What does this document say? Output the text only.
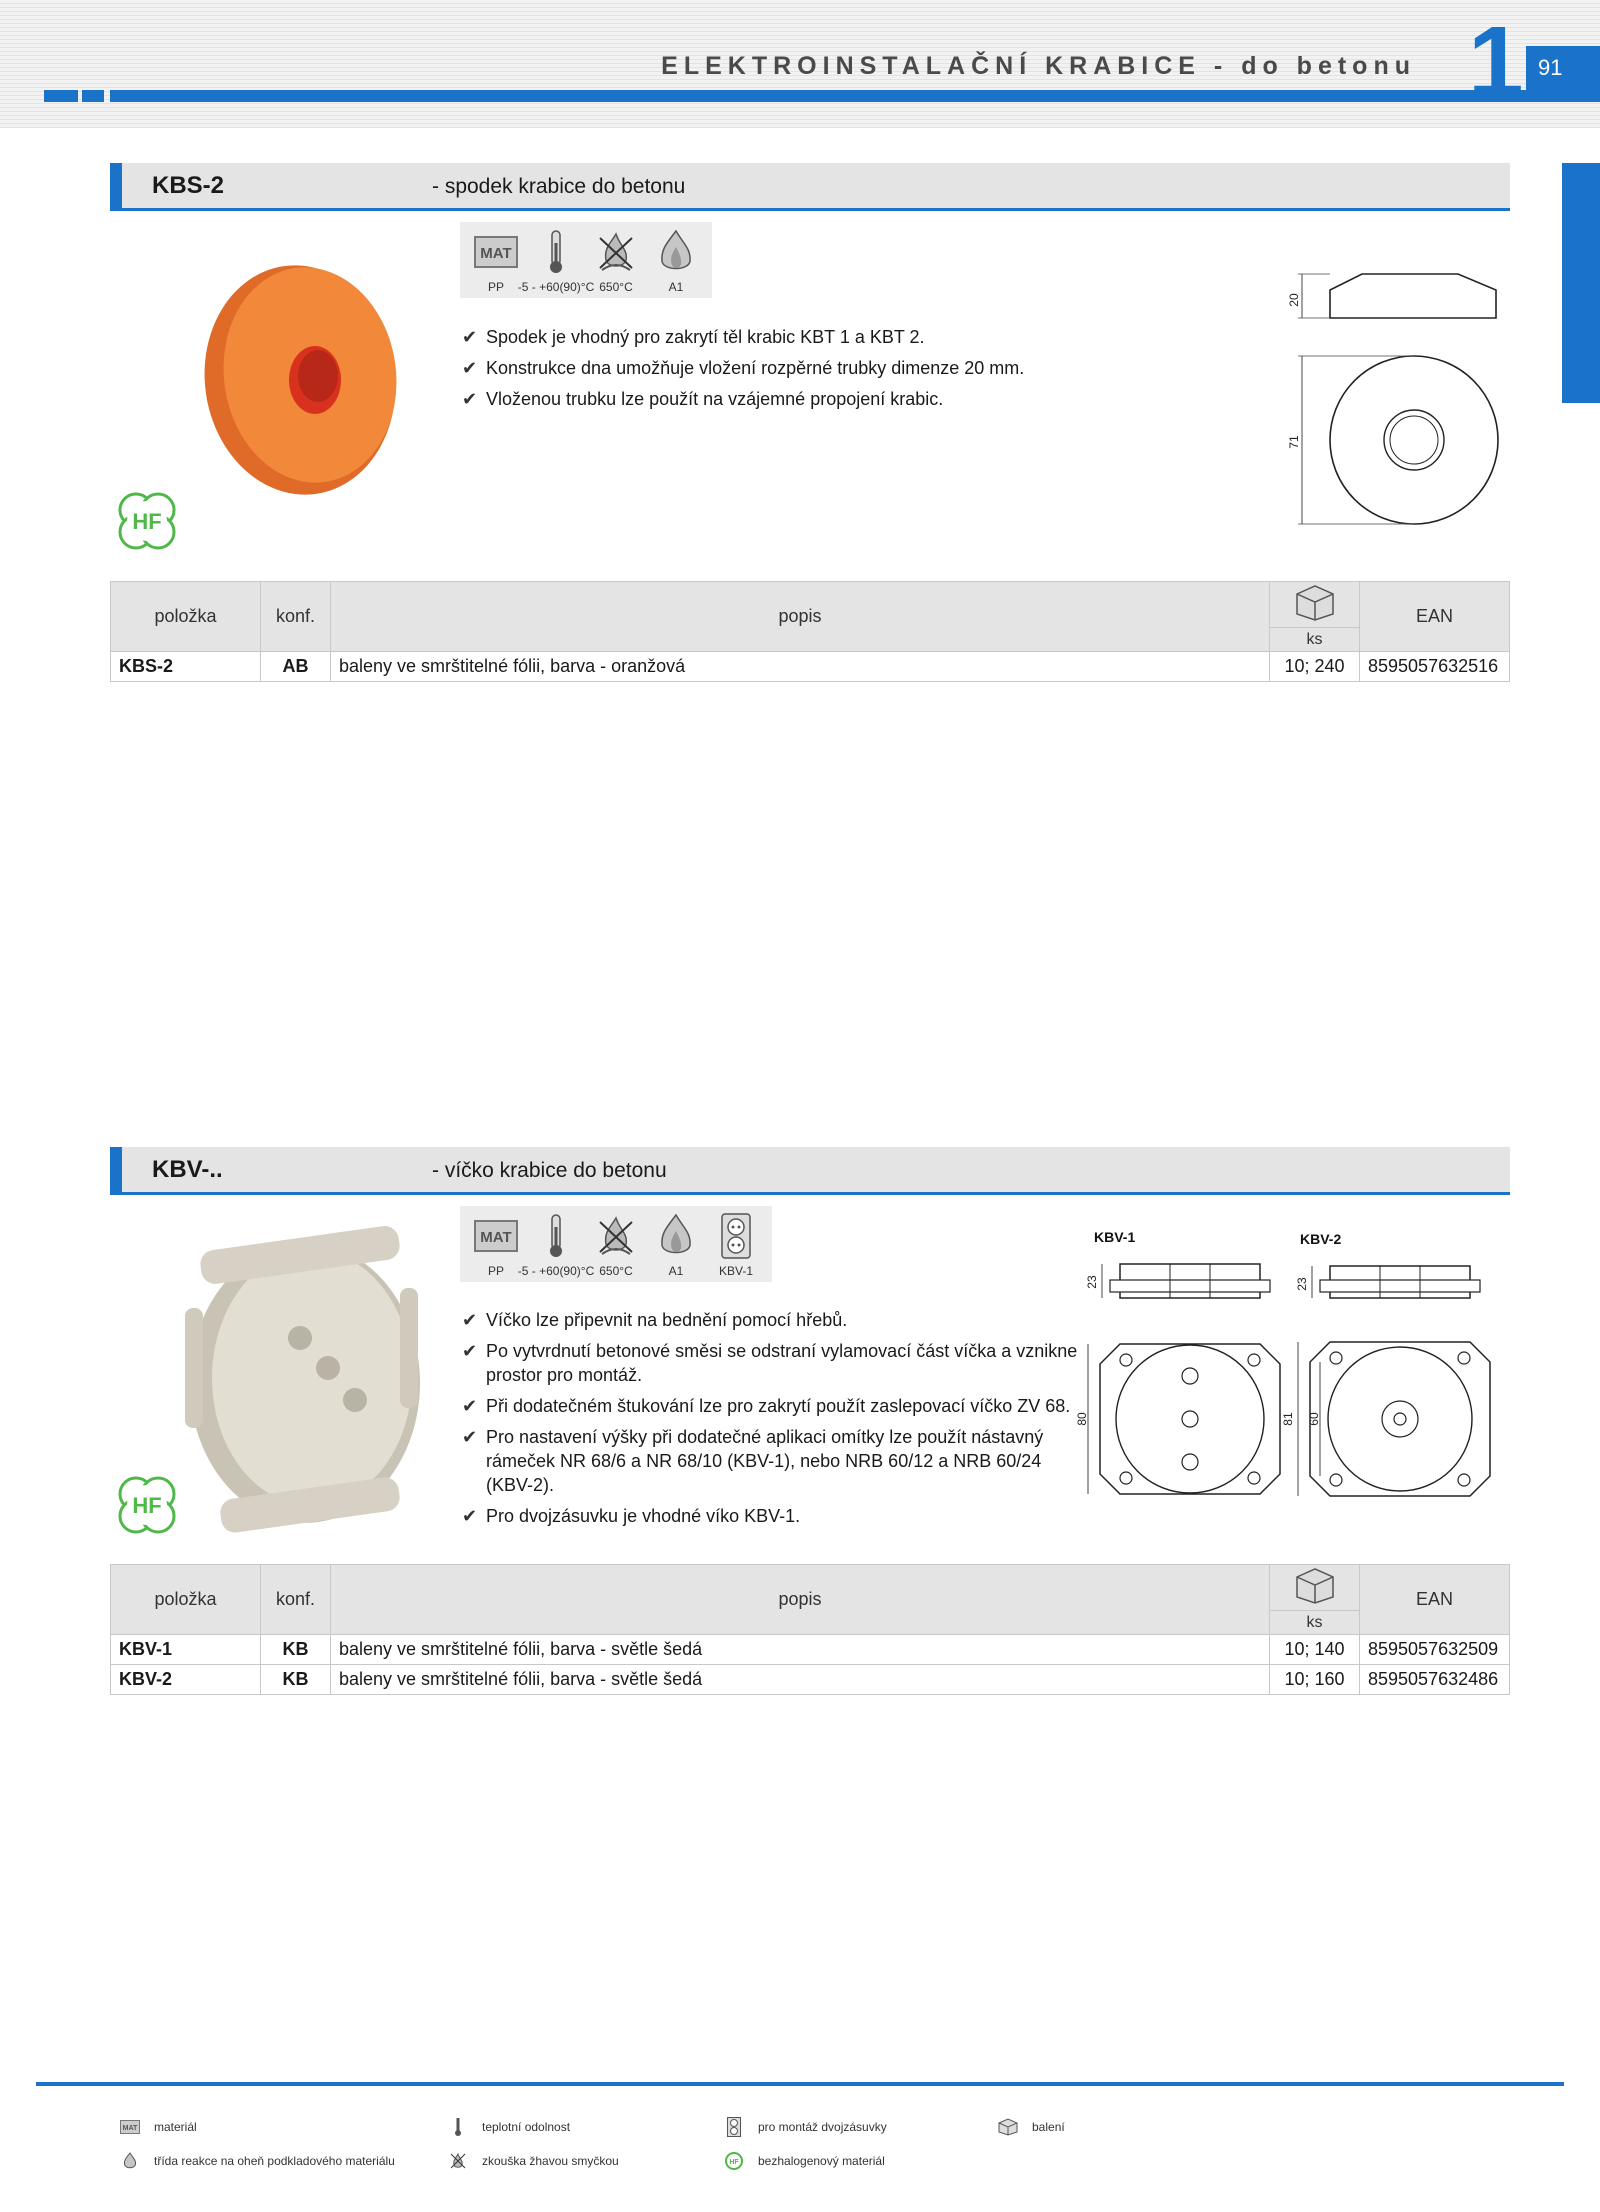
ELEKTROINSTALAČNÍ KRABICE - do betonu 1 91
KBS-2	- spodek krabice do betonu
MAT
PP -5 - +60(90)°C 650°C	A1
HF
✔ Spodek je vhodný pro zakrytí těl krabic KBT 1 a KBT 2.
✔ Konstrukce dna umožňuje vložení rozpěrné trubky dimenze 20 mm.
✔ Vloženou trubku lze použít na vzájemné propojení krabic.
20
71
položka	konf.	popis		EAN
			ks	
KBS-2	AB	baleny ve smrštitelné fólii, barva - oranžová	10; 240	8595057632516
KBV-..	- víčko krabice do betonu
MAT
PP -5 - +60(90)°C 650°C	A1	KBV-1
HF
✔ Víčko lze připevnit na bednění pomocí hřebů.
✔ Po vytvrdnutí betonové směsi se odstraní vylamovací část víčka a vznikne prostor pro montáž.
✔ Při dodatečném štukování lze pro zakrytí použít zaslepovací víčko ZV 68.
✔ Pro nastavení výšky při dodatečné aplikaci omítky lze použít nástavný rámeček NR 68/6 a NR 68/10 (KBV-1), nebo NRB 60/12 a NRB 60/24 (KBV-2).
✔ Pro dvojzásuvku je vhodné víko KBV-1.
KBV-1
23
KBV-2
23
80	81 60
položka	konf.	popis		EAN
			ks	
KBV-1	KB	baleny ve smrštitelné fólii, barva - světle šedá	10; 140	8595057632509
KBV-2	KB	baleny ve smrštitelné fólii, barva - světle šedá	10; 160	8595057632486
MAT materiál	teplotní odolnost	pro montáž dvojzásuvky	balení
třída reakce na oheň podkladového materiálu	zkouška žhavou smyčkou	HF bezhalogenový materiál
